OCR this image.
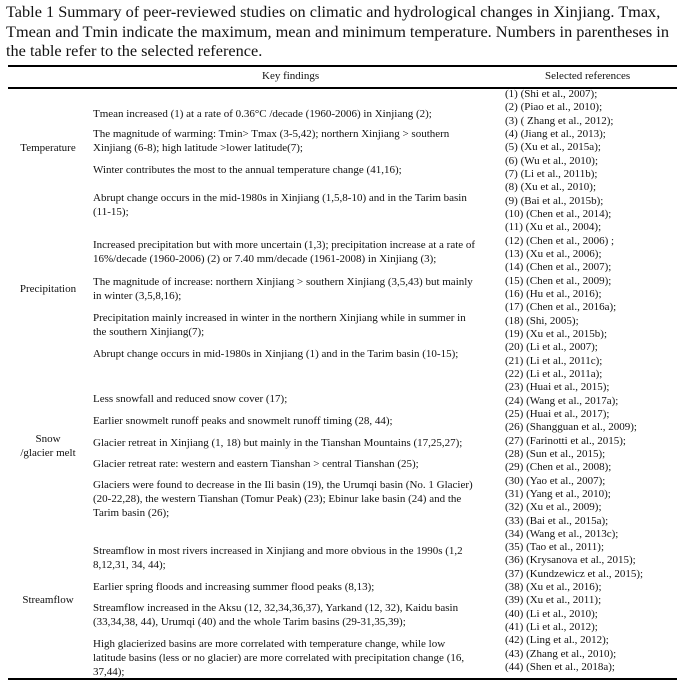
Table 1 Summary of peer-reviewed studies on climatic and hydrological changes in Xinjiang. Tmax, Tmean and Tmin indicate the maximum, mean and minimum temperature. Numbers in parentheses in the table refer to the selected reference.
Key findings	Selected references
Temperature
Tmean increased (1) at a rate of 0.36°C /decade (1960-2006) in Xinjiang (2);
The magnitude of warming: Tmin> Tmax (3-5,42); northern Xinjiang > southern
Xinjiang (6-8); high latitude >lower latitude(7);
Winter contributes the most to the annual temperature change (41,16);
Abrupt change occurs in the mid-1980s in Xinjiang (1,5,8-10) and in the Tarim basin
(11-15);
Precipitation
Increased precipitation but with more uncertain (1,3); precipitation increase at a rate of
16%/decade (1960-2006) (2) or 7.40 mm/decade (1961-2008) in Xinjiang (3);
The magnitude of increase: northern Xinjiang > southern Xinjiang (3,5,43) but mainly
in winter (3,5,8,16);
Precipitation mainly increased in winter in the northern Xinjiang while in summer in
the southern Xinjiang(7);
Abrupt change occurs in mid-1980s in Xinjiang (1) and in the Tarim basin (10-15);
Snow
/glacier melt
Less snowfall and reduced snow cover (17);
Earlier snowmelt runoff peaks and snowmelt runoff timing (28, 44);
Glacier retreat in Xinjiang (1, 18) but mainly in the Tianshan Mountains (17,25,27);
Glacier retreat rate: western and eastern Tianshan > central Tianshan (25);
Glaciers were found to decrease in the Ili basin (19), the Urumqi basin (No. 1 Glacier)
(20-22,28), the western Tianshan (Tomur Peak) (23); Ebinur lake basin (24) and the
Tarim basin (26);
Streamflow
Streamflow in most rivers increased in Xinjiang and more obvious in the 1990s (1,2
8,12,31, 34, 44);
Earlier spring floods and increasing summer flood peaks (8,13);
Streamflow increased in the Aksu (12, 32,34,36,37), Yarkand (12, 32), Kaidu basin
(33,34,38, 44), Urumqi (40) and the whole Tarim basins (29-31,35,39);
High glacierized basins are more correlated with temperature change, while low
latitude basins (less or no glacier) are more correlated with precipitation change (16,
37,44);
(1) (Shi et al., 2007);
(2) (Piao et al., 2010);
(3) ( Zhang et al., 2012);
(4) (Jiang et al., 2013);
(5) (Xu et al., 2015a);
(6) (Wu et al., 2010);
(7) (Li et al., 2011b);
(8) (Xu et al., 2010);
(9) (Bai et al., 2015b);
(10) (Chen et al., 2014);
(11) (Xu et al., 2004);
(12) (Chen et al., 2006) ;
(13) (Xu et al., 2006);
(14) (Chen et al., 2007);
(15) (Chen et al., 2009);
(16) (Hu et al., 2016);
(17) (Chen et al., 2016a);
(18) (Shi, 2005);
(19) (Xu et al., 2015b);
(20) (Li et al., 2007);
(21) (Li et al., 2011c);
(22) (Li et al., 2011a);
(23) (Huai et al., 2015);
(24) (Wang et al., 2017a);
(25) (Huai et al., 2017);
(26) (Shangguan et al., 2009);
(27) (Farinotti et al., 2015);
(28) (Sun et al., 2015);
(29) (Chen et al., 2008);
(30) (Yao et al., 2007);
(31) (Yang et al., 2010);
(32) (Xu et al., 2009);
(33) (Bai et al., 2015a);
(34) (Wang et al., 2013c);
(35) (Tao et al., 2011);
(36) (Krysanova et al., 2015);
(37) (Kundzewicz et al., 2015);
(38) (Xu et al., 2016);
(39) (Xu et al., 2011);
(40) (Li et al., 2010);
(41) (Li et al., 2012);
(42) (Ling et al., 2012);
(43) (Zhang et al., 2010);
(44) (Shen et al., 2018a);
